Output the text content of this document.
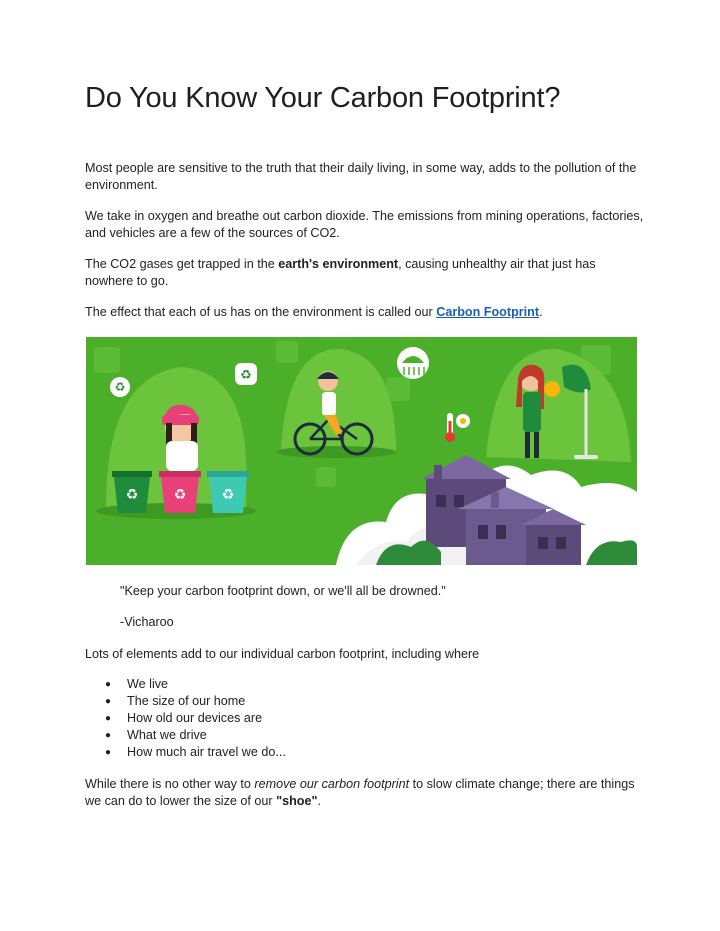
Do You Know Your Carbon Footprint?

Most people are sensitive to the truth that their daily living, in some way, adds to the pollution of the environment.

We take in oxygen and breathe out carbon dioxide. The emissions from mining operations, factories, and vehicles are a few of the sources of CO2.

The CO2 gases get trapped in the earth's environment, causing unhealthy air that just has nowhere to go.

The effect that each of us has on the environment is called our Carbon Footprint.

♻
♻
♻	♻	♻

"Keep your carbon footprint down, or we'll all be drowned."

-Vicharoo

Lots of elements add to our individual carbon footprint, including where

● We live
● The size of our home
● How old our devices are
● What we drive
● How much air travel we do...

While there is no other way to remove our carbon footprint to slow climate change; there are things we can do to lower the size of our "shoe".
